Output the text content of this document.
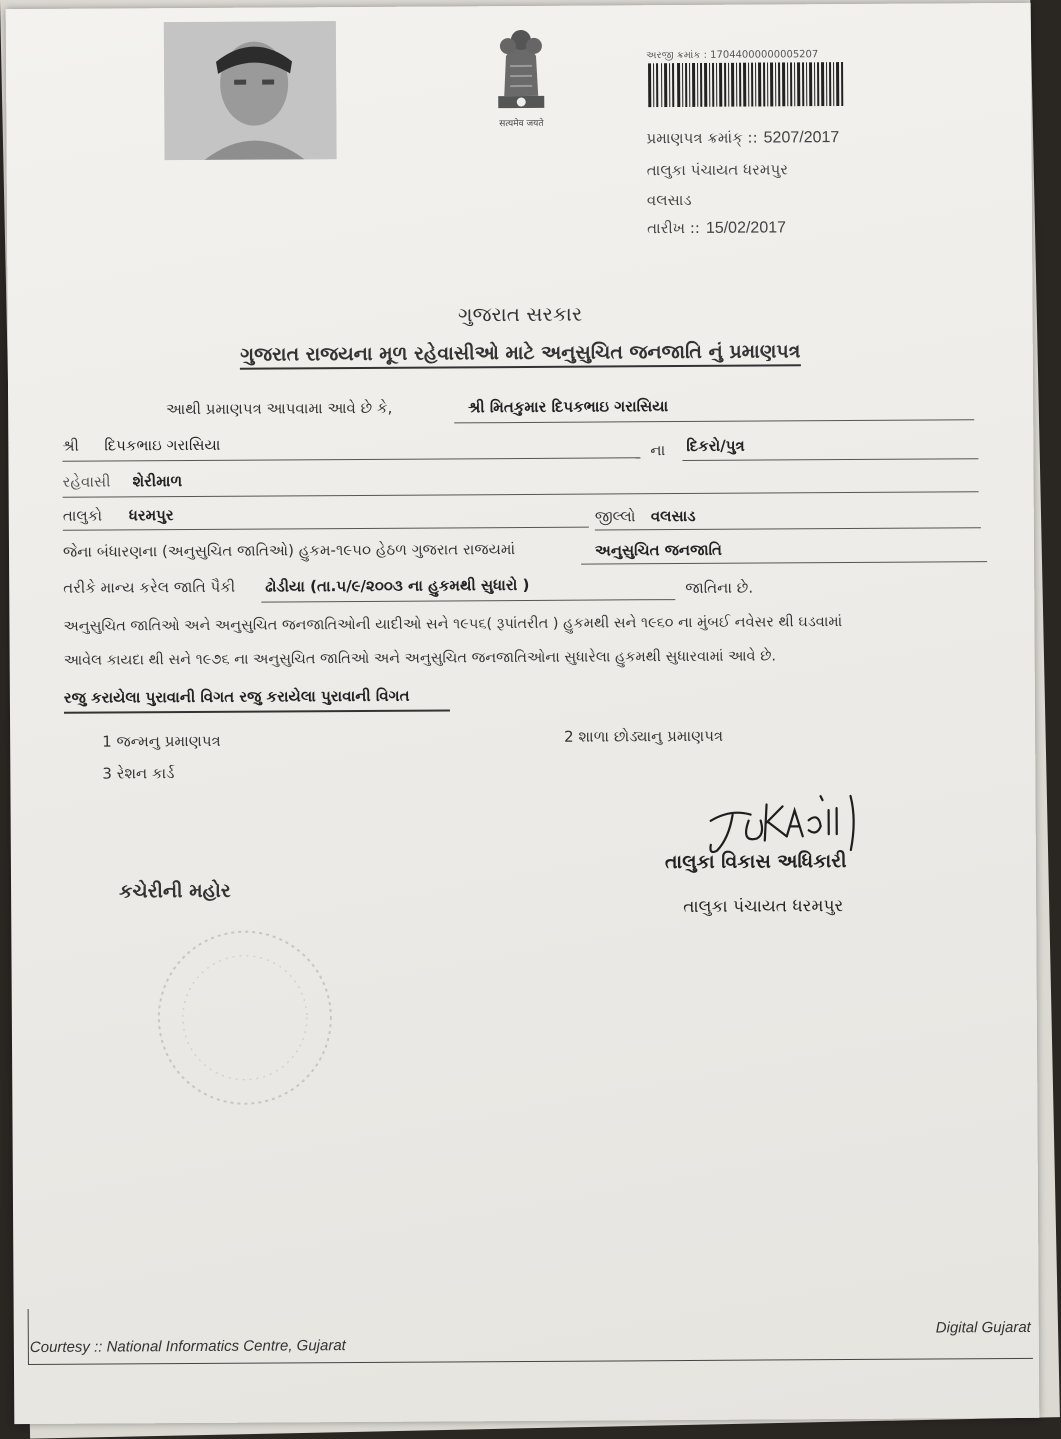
सत्यमेव जयते
અરજી ક્રમાંક : 17044000000005207
પ્રમાણપત્ર ક્રમાંક્ :: 5207/2017
તાલુકા પંચાયત ધરમપુર
વલસાડ
તારીખ :: 15/02/2017
ગુજરાત સરકાર
ગુજરાત રાજયના મૂળ રહેવાસીઓ માટે અનુસુચિત જનજાતિ નું પ્રમાણપત્ર
આથી પ્રમાણપત્ર આપવામા આવે છે કે,	શ્રી મિતકુમાર દિપકભાઇ ગરાસિયા
શ્રી દિપકભાઇ ગરાસિયા	ના દિકરો/પુત્ર
રહેવાસી શેરીમાળ
તાલુકો ધરમપુર	જીલ્લો વલસાડ
જેના બંધારણના (અનુસુચિત જાતિઓ) હુકમ-૧૯૫૦ હેઠળ ગુજરાત રાજયમાં	અનુસુચિત જનજાતિ
તરીકે માન્ય કરેલ જાતિ પૈકી ઢોડીયા (તા.૫/૯/૨૦૦૩ ના હુકમથી સુધારો )	જાતિના છે.
અનુસુચિત જાતિઓ અને અનુસુચિત જનજાતિઓની યાદીઓ સને ૧૯૫૬( રૂપાંતરીત ) હુકમથી સને ૧૯૬૦ ના મુંબઈ નવેસર થી ઘડવામાં
આવેલ કાયદા થી સને ૧૯૭૬ ના અનુસુચિત જાતિઓ અને અનુસુચિત જનજાતિઓના સુધારેલા હુકમથી સુધારવામાં આવે છે.
રજુ કરાયેલા પુરાવાની વિગત રજુ કરાયેલા પુરાવાની વિગત
1 જન્મનુ પ્રમાણપત્ર	2 શાળા છોડ્યાનુ પ્રમાણપત્ર
3 રેશન કાર્ડ
તાલુકા વિકાસ અધિકારી
તાલુકા પંચાયત ધરમપુર
કચેરીની મહોર
Courtesy :: National Informatics Centre, Gujarat
Digital Gujarat
